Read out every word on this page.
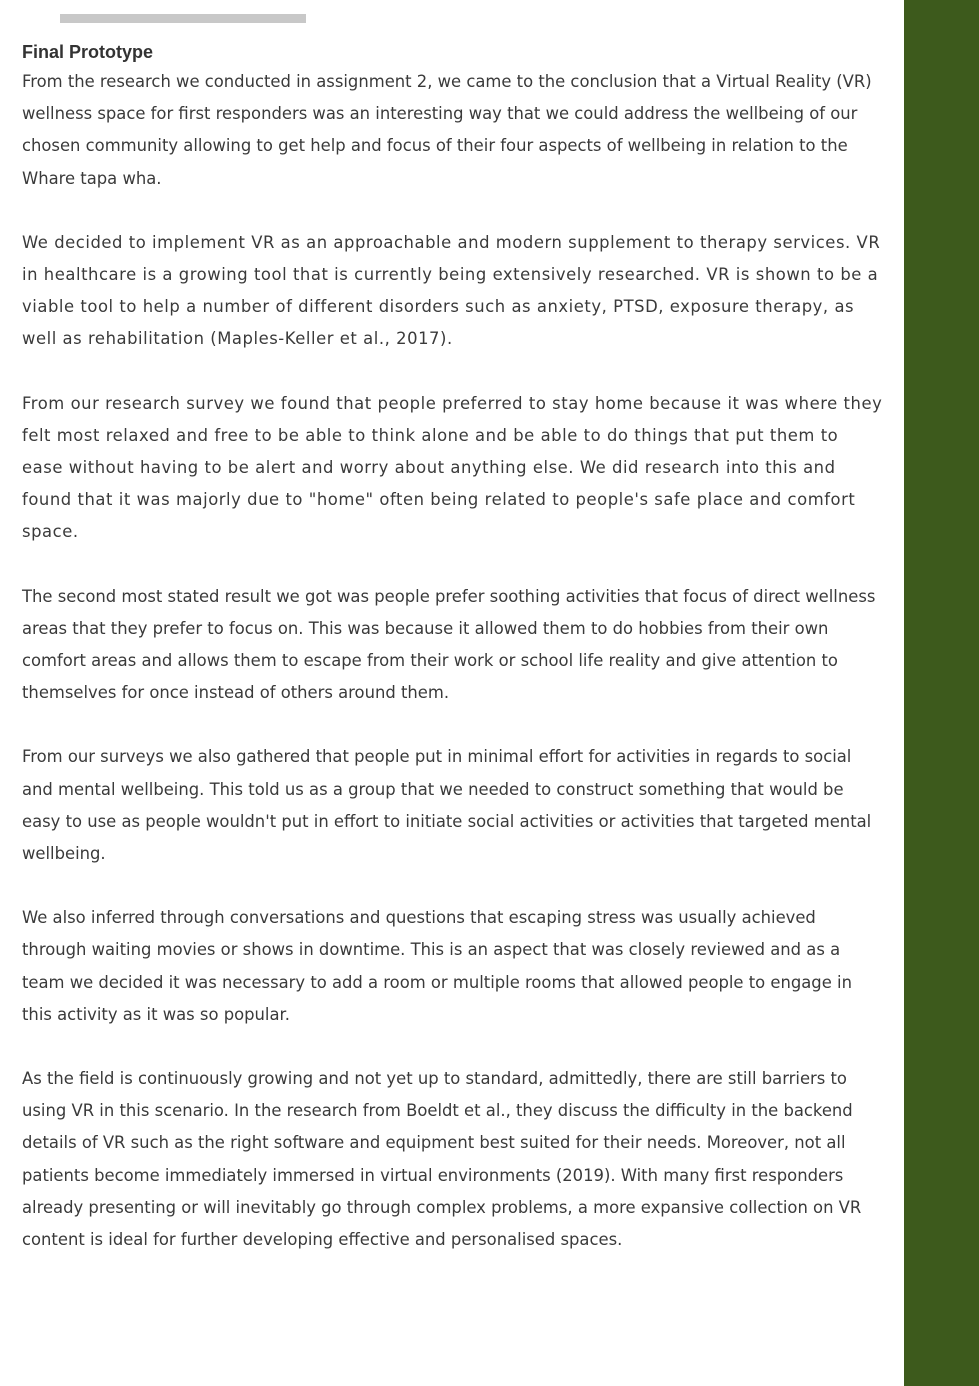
Final Prototype

From the research we conducted in assignment 2, we came to the conclusion that a Virtual Reality (VR) wellness space for first responders was an interesting way that we could address the wellbeing of our chosen community allowing to get help and focus of their four aspects of wellbeing in relation to the Whare tapa wha.

We decided to implement VR as an approachable and modern supplement to therapy services. VR in healthcare is a growing tool that is currently being extensively researched. VR is shown to be a viable tool to help a number of different disorders such as anxiety, PTSD, exposure therapy, as well as rehabilitation (Maples-Keller et al., 2017).

From our research survey we found that people preferred to stay home because it was where they felt most relaxed and free to be able to think alone and be able to do things that put them to ease without having to be alert and worry about anything else. We did research into this and found that it was majorly due to "home" often being related to people's safe place and comfort space.

The second most stated result we got was people prefer soothing activities that focus of direct wellness areas that they prefer to focus on. This was because it allowed them to do hobbies from their own comfort areas and allows them to escape from their work or school life reality and give attention to themselves for once instead of others around them.

From our surveys we also gathered that people put in minimal effort for activities in regards to social and mental wellbeing. This told us as a group that we needed to construct something that would be easy to use as people wouldn't put in effort to initiate social activities or activities that targeted mental wellbeing.

We also inferred through conversations and questions that escaping stress was usually achieved through waiting movies or shows in downtime. This is an aspect that was closely reviewed and as a team we decided it was necessary to add a room or multiple rooms that allowed people to engage in this activity as it was so popular.

As the field is continuously growing and not yet up to standard, admittedly, there are still barriers to using VR in this scenario. In the research from Boeldt et al., they discuss the difficulty in the backend details of VR such as the right software and equipment best suited for their needs. Moreover, not all patients become immediately immersed in virtual environments (2019). With many first responders already presenting or will inevitably go through complex problems, a more expansive collection on VR content is ideal for further developing effective and personalised spaces.
